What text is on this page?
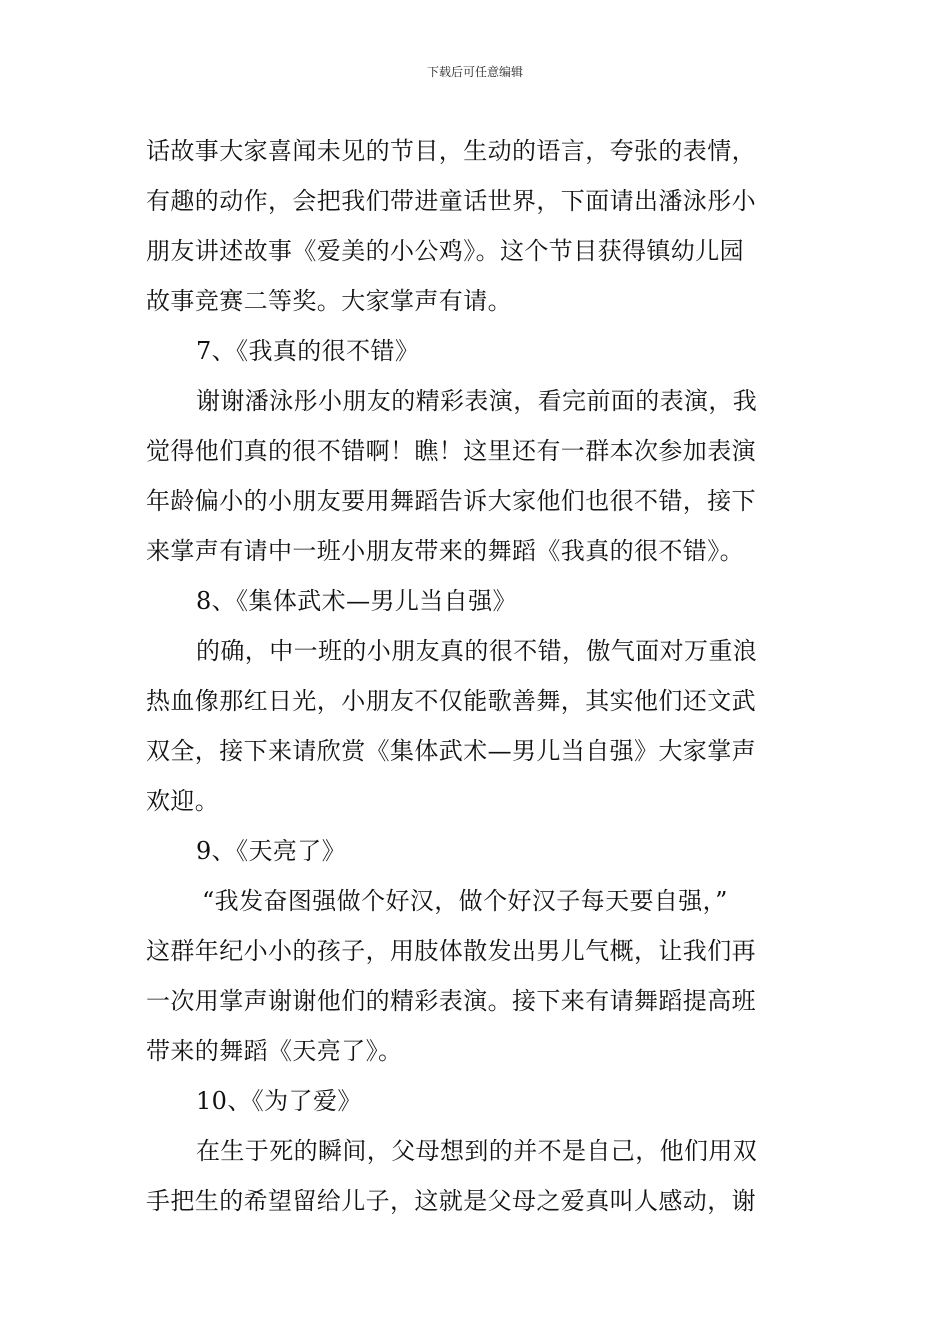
下载后可任意编辑
话故事大家喜闻未见的节目，生动的语言，夸张的表情，
有趣的动作，会把我们带进童话世界，下面请出潘泳彤小
朋友讲述故事《爱美的小公鸡》。这个节目获得镇幼儿园
故事竞赛二等奖。大家掌声有请。
7、《我真的很不错》
谢谢潘泳彤小朋友的精彩表演，看完前面的表演，我
觉得他们真的很不错啊！瞧！这里还有一群本次参加表演
年龄偏小的小朋友要用舞蹈告诉大家他们也很不错，接下
来掌声有请中一班小朋友带来的舞蹈《我真的很不错》。
8、《集体武术—男儿当自强》
的确，中一班的小朋友真的很不错，傲气面对万重浪
热血像那红日光，小朋友不仅能歌善舞，其实他们还文武
双全，接下来请欣赏《集体武术—男儿当自强》大家掌声
欢迎。
9、《天亮了》
“我发奋图强做个好汉，做个好汉子每天要自强，”
这群年纪小小的孩子，用肢体散发出男儿气概，让我们再
一次用掌声谢谢他们的精彩表演。接下来有请舞蹈提高班
带来的舞蹈《天亮了》。
10、《为了爱》
在生于死的瞬间，父母想到的并不是自己，他们用双
手把生的希望留给儿子，这就是父母之爱真叫人感动，谢
